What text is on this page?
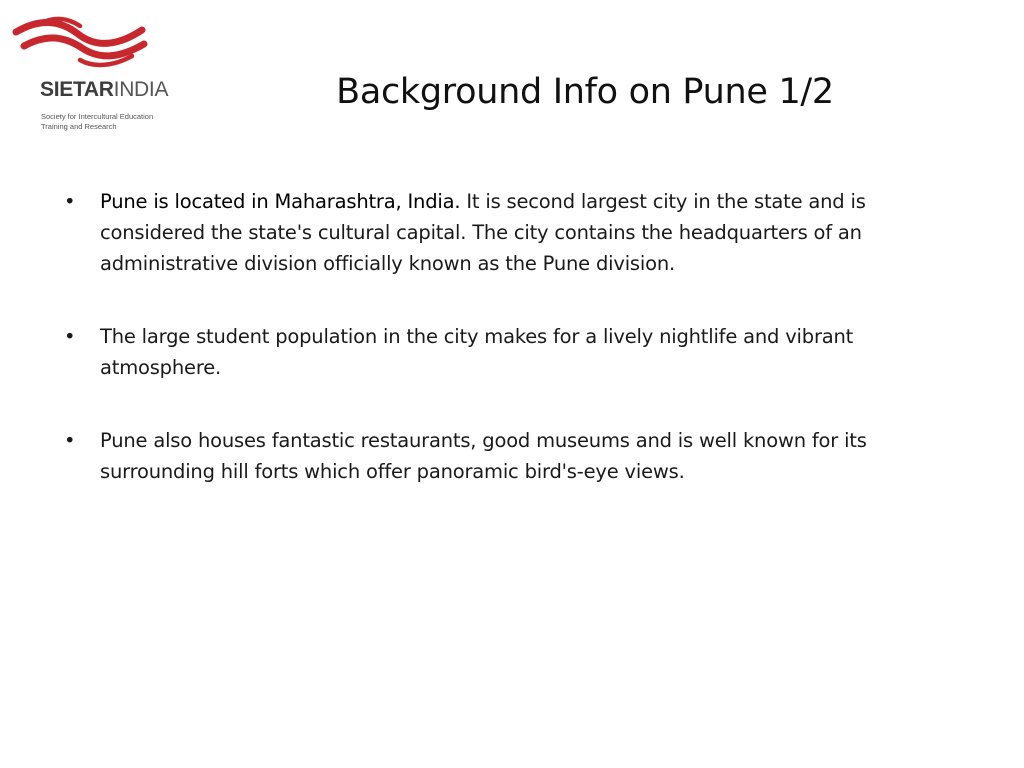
SIETARINDIA
Society for Intercultural Education
Training and Research
Background Info on Pune 1/2
• Pune is located in Maharashtra, India. It is second largest city in the state and is considered the state's cultural capital. The city contains the headquarters of an administrative division officially known as the Pune division.
• The large student population in the city makes for a lively nightlife and vibrant atmosphere.
• Pune also houses fantastic restaurants, good museums and is well known for its surrounding hill forts which offer panoramic bird's-eye views.
